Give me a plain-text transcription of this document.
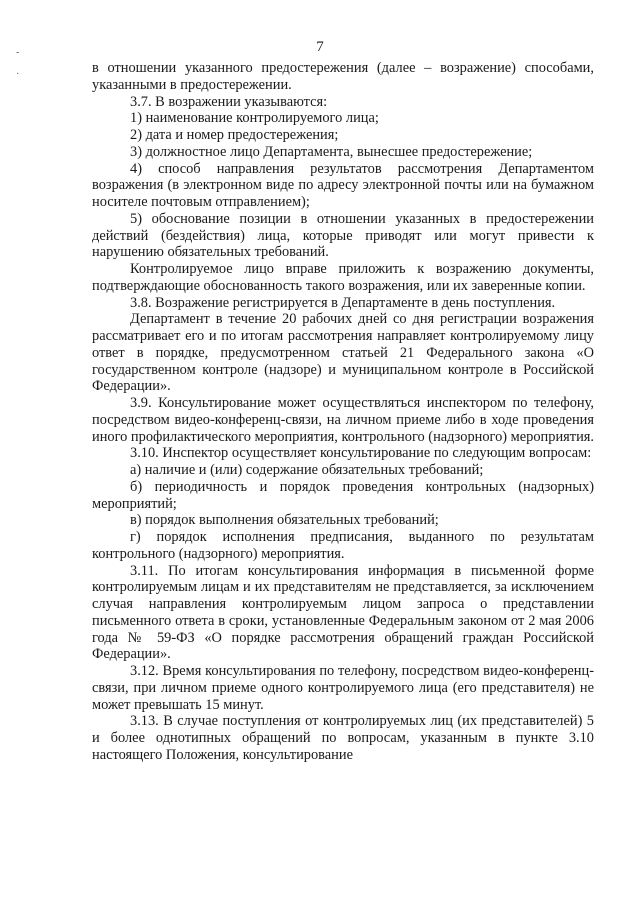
-
·
7

в отношении указанного предостережения (далее – возражение) способами, указанными в предостережении.

3.7. В возражении указываются:

1) наименование контролируемого лица;

2) дата и номер предостережения;

3) должностное лицо Департамента, вынесшее предостережение;

4) способ направления результатов рассмотрения Департаментом возражения (в электронном виде по адресу электронной почты или на бумажном носителе почтовым отправлением);

5) обоснование позиции в отношении указанных в предостережении действий (бездействия) лица, которые приводят или могут привести к нарушению обязательных требований.

Контролируемое лицо вправе приложить к возражению документы, подтверждающие обоснованность такого возражения, или их заверенные копии.

3.8. Возражение регистрируется в Департаменте в день поступления.

Департамент в течение 20 рабочих дней со дня регистрации возражения рассматривает его и по итогам рассмотрения направляет контролируемому лицу ответ в порядке, предусмотренном статьей 21 Федерального закона «О государственном контроле (надзоре) и муниципальном контроле в Российской Федерации».

3.9. Консультирование может осуществляться инспектором по телефону, посредством видео-конференц-связи, на личном приеме либо в ходе проведения иного профилактического мероприятия, контрольного (надзорного) мероприятия.

3.10. Инспектор осуществляет консультирование по следующим вопросам:

а) наличие и (или) содержание обязательных требований;

б) периодичность и порядок проведения контрольных (надзорных) мероприятий;

в) порядок выполнения обязательных требований;

г) порядок исполнения предписания, выданного по результатам контрольного (надзорного) мероприятия.

3.11. По итогам консультирования информация в письменной форме контролируемым лицам и их представителям не представляется, за исключением случая направления контролируемым лицом запроса о представлении письменного ответа в сроки, установленные Федеральным законом от 2 мая 2006 года № 59-ФЗ «О порядке рассмотрения обращений граждан Российской Федерации».

3.12. Время консультирования по телефону, посредством видео-конференц-связи, при личном приеме одного контролируемого лица (его представителя) не может превышать 15 минут.

3.13. В случае поступления от контролируемых лиц (их представителей) 5 и более однотипных обращений по вопросам, указанным в пункте 3.10 настоящего Положения, консультирование
